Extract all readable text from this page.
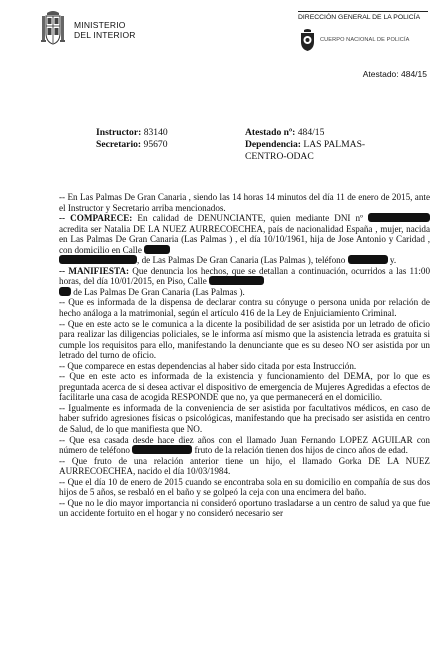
MINISTERIO
DEL INTERIOR
DIRECCIÓN GENERAL DE LA POLICÍA
CUERPO NACIONAL DE POLICÍA
Atestado: 484/15
Instructor: 83140
Secretario: 95670
Atestado nº: 484/15
Dependencia: LAS PALMAS-
CENTRO-ODAC

-- En Las Palmas De Gran Canaria , siendo las 14 horas 14 minutos del día 11 de enero de 2015, ante el Instructor y Secretario arriba mencionados.

-- COMPARECE: En calidad de DENUNCIANTE, quien mediante DNI nº  acredita ser Natalia DE LA NUEZ AURRECOECHEA, país de nacionalidad España , mujer, nacida en Las Palmas De Gran Canaria (Las Palmas ) , el día 10/10/1961, hija de Jose Antonio y Caridad , con domicilio en Calle
, de Las Palmas De Gran Canaria (Las Palmas ), teléfono	y.

-- MANIFIESTA: Que denuncia los hechos, que se detallan a continuación, ocurridos a las 11:00 horas, del día 10/01/2015, en Piso, Calle
de Las Palmas De Gran Canaria (Las Palmas ).

-- Que es informada de la dispensa de declarar contra su cónyuge o persona unida por relación de hecho análoga a la matrimonial, según el artículo 416 de la Ley de Enjuiciamiento Criminal.

-- Que en este acto se le comunica a la dicente la posibilidad de ser asistida por un letrado de oficio para realizar las diligencias policiales, se le informa así mismo que la asistencia letrada es gratuita si cumple los requisitos para ello, manifestando la denunciante que es su deseo NO ser asistida por un letrado del turno de oficio.

-- Que comparece en estas dependencias al haber sido citada por esta Instrucción.

-- Que en este acto es informada de la existencia y funcionamiento del DEMA, por lo que es preguntada acerca de si desea activar el dispositivo de emergencia de Mujeres Agredidas a efectos de facilitarle una casa de acogida RESPONDE que no, ya que permanecerá en el domicilio.

-- Igualmente es informada de la conveniencia de ser asistida por facultativos médicos, en caso de haber sufrido agresiones físicas o psicológicas, manifestando que ha precisado ser asistida en centro de Salud, de lo que manifiesta que NO.

-- Que esa casada desde hace diez años con el llamado Juan Fernando LOPEZ AGUILAR con número de teléfono	fruto de la relación tienen dos hijos de cinco años de edad.

-- Que fruto de una relación anterior tiene un hijo, el llamado Gorka DE LA NUEZ AURRECOECHEA, nacido el día 10/03/1984.

-- Que el día 10 de enero de 2015 cuando se encontraba sola en su domicilio en compañía de sus dos hijos de 5 años, se resbaló en el baño y se golpeó la ceja con una encimera del baño.

-- Que no le dio mayor importancia ni consideró oportuno trasladarse a un centro de salud ya que fue un accidente fortuito en el hogar y no consideró necesario ser
